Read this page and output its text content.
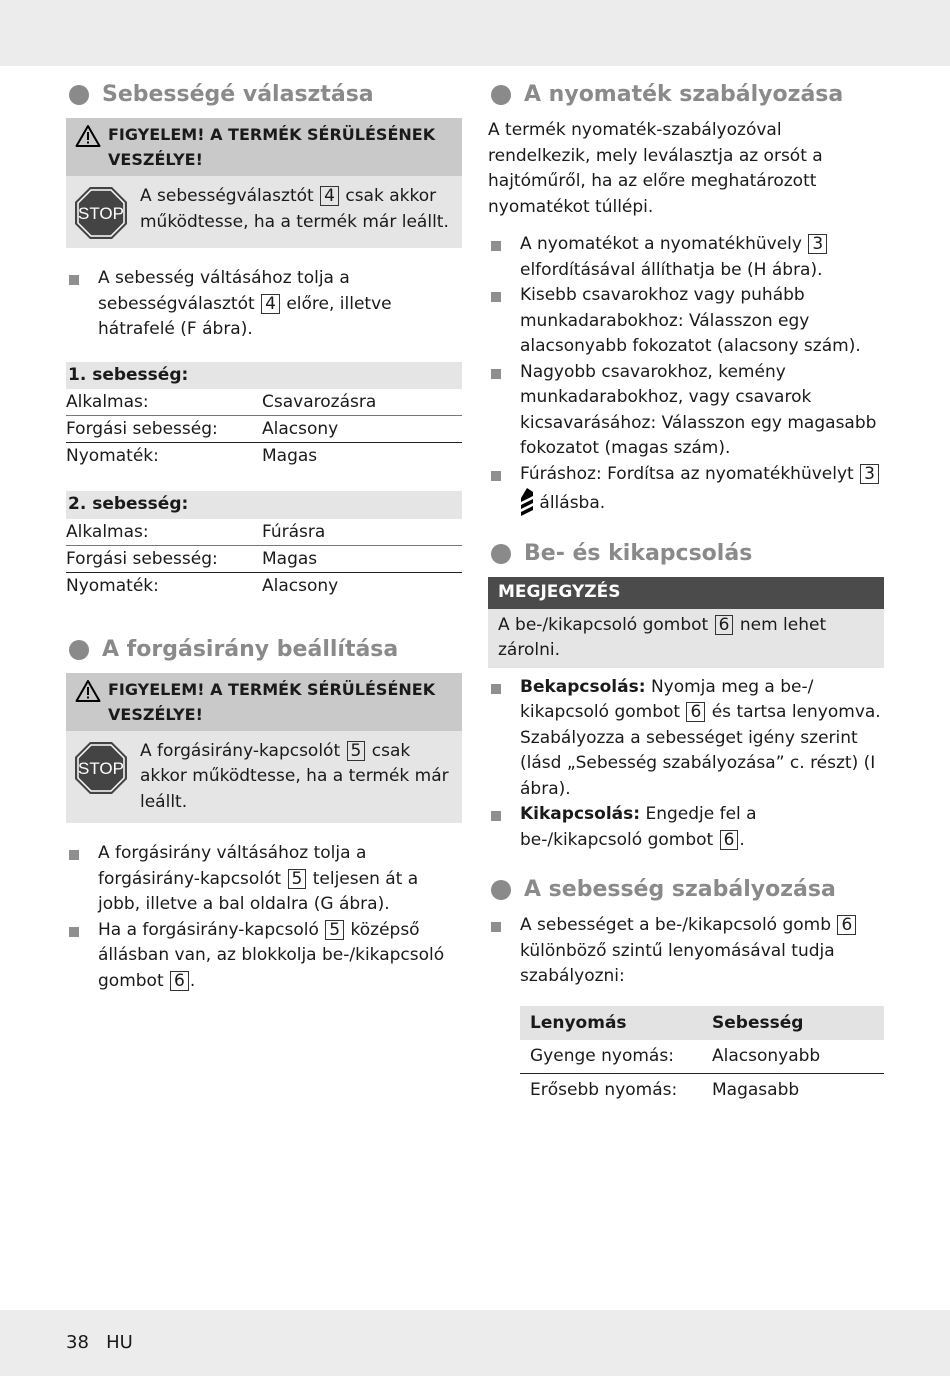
Sebességé választása
FIGYELEM! A TERMÉK SÉRÜLÉSÉNEK VESZÉLYE!
STOP
A sebességválasztót 4 csak akkor működtesse, ha a termék már leállt.
A sebesség váltásához tolja a sebességválasztót 4 előre, illetve hátrafelé (F ábra).
1. sebesség:
Alkalmas:	Csavarozásra
Forgási sebesség:	Alacsony
Nyomaték:	Magas
2. sebesség:
Alkalmas:	Fúrásra
Forgási sebesség:	Magas
Nyomaték:	Alacsony
A forgásirány beállítása
FIGYELEM! A TERMÉK SÉRÜLÉSÉNEK VESZÉLYE!
STOP
A forgásirány-kapcsolót 5 csak akkor működtesse, ha a termék már leállt.
A forgásirány váltásához tolja a forgásirány-kapcsolót 5 teljesen át a jobb, illetve a bal oldalra (G ábra).
Ha a forgásirány-kapcsoló 5 középső állásban van, az blokkolja be-/kikapcsoló gombot 6 .
A nyomaték szabályozása
A termék nyomaték-szabályozóval rendelkezik, mely leválasztja az orsót a hajtóműről, ha az előre meghatározott nyomatékot túllépi.
A nyomatékot a nyomatékhüvely 3 elfordításával állíthatja be (H ábra).
Kisebb csavarokhoz vagy puhább munkadarabokhoz: Válasszon egy alacsonyabb fokozatot (alacsony szám).
Nagyobb csavarokhoz, kemény munkadarabokhoz, vagy csavarok kicsavarásához: Válasszon egy magasabb fokozatot (magas szám).
Fúráshoz: Fordítsa az nyomatékhüvelyt 3  állásba.
Be- és kikapcsolás
MEGJEGYZÉS
A be-/kikapcsoló gombot 6 nem lehet zárolni.
Bekapcsolás: Nyomja meg a be-/ kikapcsoló gombot 6 és tartsa lenyomva. Szabályozza a sebességet igény szerint (lásd „Sebesség szabályozása” c. részt) (I ábra).
Kikapcsolás: Engedje fel a be-/kikapcsoló gombot 6 .
A sebesség szabályozása
A sebességet a be-/kikapcsoló gomb 6 különböző szintű lenyomásával tudja szabályozni:
Lenyomás	Sebesség
Gyenge nyomás:	Alacsonyabb
Erősebb nyomás:	Magasabb
38 HU
